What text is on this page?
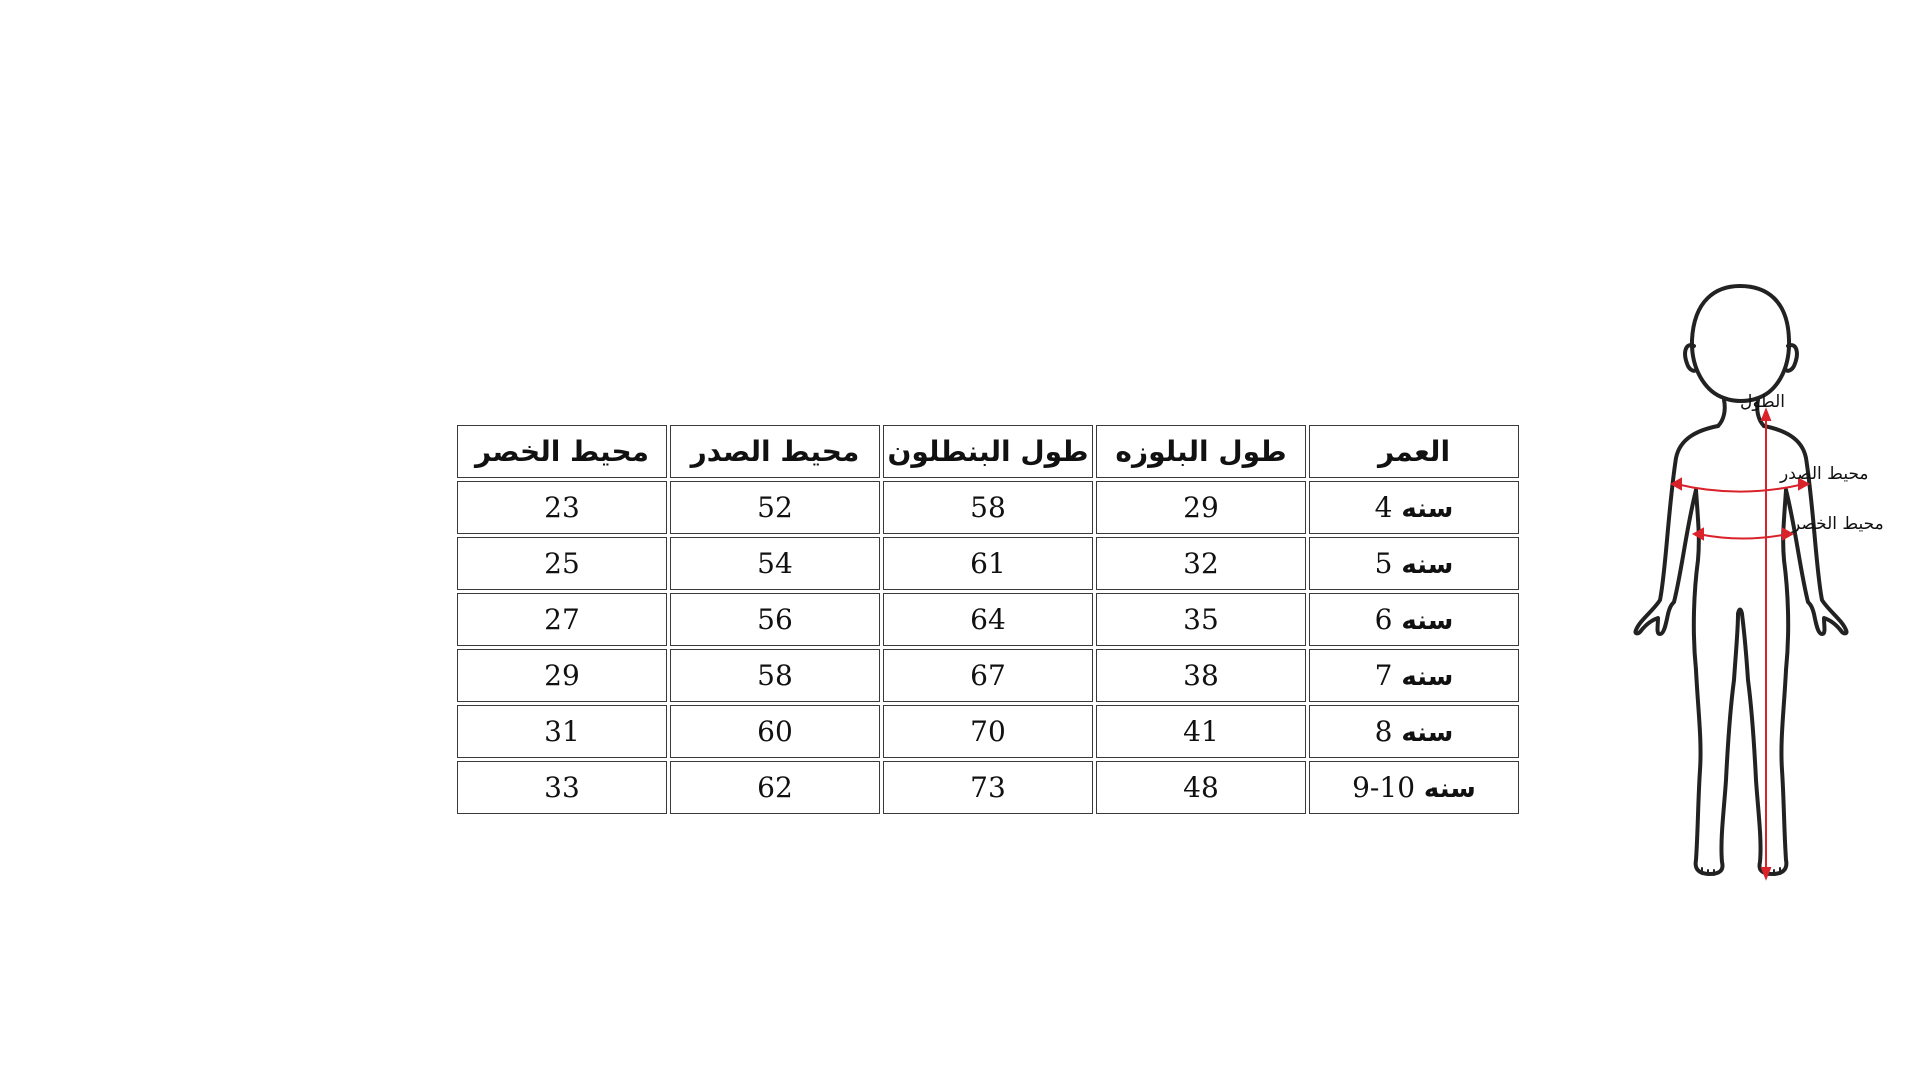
العمر	طول البلوزه	طول البنطلون	محيط الصدر	محيط الخصر
4 سنه	29	58	52	23
5 سنه	32	61	54	25
6 سنه	35	64	56	27
7 سنه	38	67	58	29
8 سنه	41	70	60	31
9-10 سنه	48	73	62	33
الطول
محيط الصدر
محيط الخصر
